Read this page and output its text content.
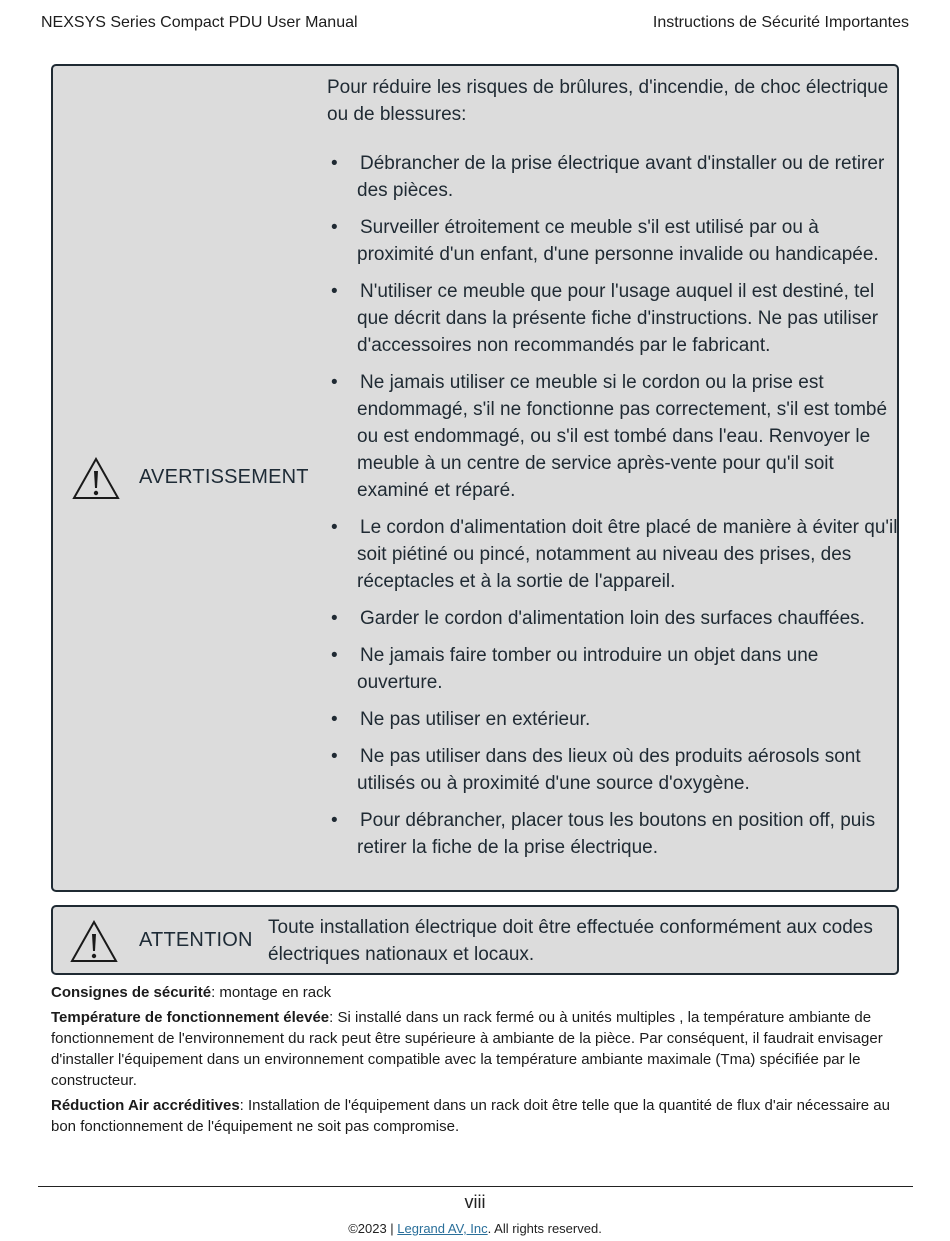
NEXSYS Series Compact PDU User Manual	Instructions de Sécurité Importantes
AVERTISSEMENT

Pour réduire les risques de brûlures, d'incendie, de choc électrique ou de blessures:

• Débrancher de la prise électrique avant d'installer ou de retirer des pièces.
• Surveiller étroitement ce meuble s'il est utilisé par ou à proximité d'un enfant, d'une personne invalide ou handicapée.
• N'utiliser ce meuble que pour l'usage auquel il est destiné, tel que décrit dans la présente fiche d'instructions. Ne pas utiliser d'accessoires non recommandés par le fabricant.
• Ne jamais utiliser ce meuble si le cordon ou la prise est endommagé, s'il ne fonctionne pas correctement, s'il est tombé ou est endommagé, ou s'il est tombé dans l'eau. Renvoyer le meuble à un centre de service après-vente pour qu'il soit examiné et réparé.
• Le cordon d'alimentation doit être placé de manière à éviter qu'il soit piétiné ou pincé, notamment au niveau des prises, des réceptacles et à la sortie de l'appareil.
• Garder le cordon d'alimentation loin des surfaces chauffées.
• Ne jamais faire tomber ou introduire un objet dans une ouverture.
• Ne pas utiliser en extérieur.
• Ne pas utiliser dans des lieux où des produits aérosols sont utilisés ou à proximité d'une source d'oxygène.
• Pour débrancher, placer tous les boutons en position off, puis retirer la fiche de la prise électrique.
ATTENTION
Toute installation électrique doit être effectuée conformément aux codes électriques nationaux et locaux.

Consignes de sécurité: montage en rack

Température de fonctionnement élevée: Si installé dans un rack fermé ou à unités multiples , la température ambiante de fonctionnement de l'environnement du rack peut être supérieure à ambiante de la pièce. Par conséquent, il faudrait envisager d'installer l'équipement dans un environnement compatible avec la température ambiante maximale (Tma) spécifiée par le constructeur.

Réduction Air accréditives: Installation de l'équipement dans un rack doit être telle que la quantité de flux d'air nécessaire au bon fonctionnement de l'équipement ne soit pas compromise.

viii
©2023 | Legrand AV, Inc. All rights reserved.
